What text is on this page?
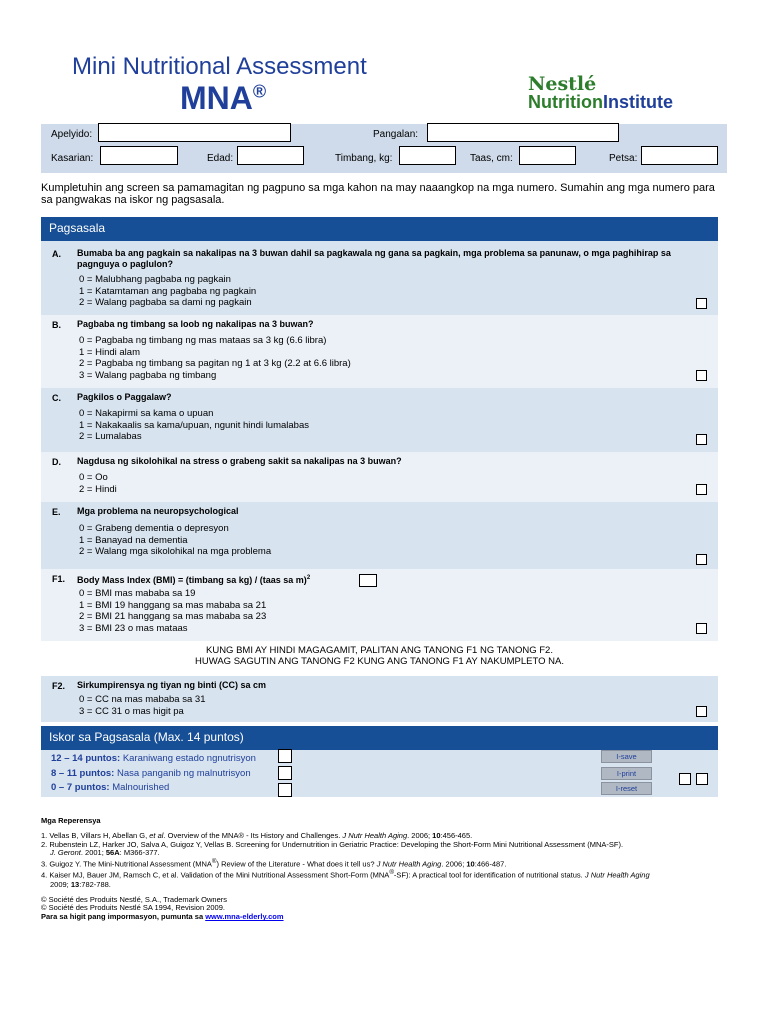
Mini Nutritional Assessment
MNA®	Nestlé
NutritionInstitute
Apelyido:	Pangalan:
Kasarian:	Edad:	Timbang, kg:	Taas, cm:	Petsa:
Kumpletuhin ang screen sa pamamagitan ng pagpuno sa mga kahon na may naaangkop na mga numero. Sumahin ang mga numero para sa pangwakas na iskor ng pagsasala.
Pagsasala
A. Bumaba ba ang pagkain sa nakalipas na 3 buwan dahil sa pagkawala ng gana sa pagkain, mga problema sa panunaw, o mga paghihirap sa pagnguya o paglulon?
0 = Malubhang pagbaba ng pagkain
1 = Katamtaman ang pagbaba ng pagkain
2 = Walang pagbaba sa dami ng pagkain
B. Pagbaba ng timbang sa loob ng nakalipas na 3 buwan?
0 = Pagbaba ng timbang ng mas mataas sa 3 kg (6.6 libra)
1 = Hindi alam
2 = Pagbaba ng timbang sa pagitan ng 1 at 3 kg (2.2 at 6.6 libra)
3 = Walang pagbaba ng timbang
C. Pagkilos o Paggalaw?
0 = Nakapirmi sa kama o upuan
1 = Nakakaalis sa kama/upuan, ngunit hindi lumalabas
2 = Lumalabas
D. Nagdusa ng sikolohikal na stress o grabeng sakit sa nakalipas na 3 buwan?
0 = Oo
2 = Hindi
E. Mga problema na neuropsychological
0 = Grabeng dementia o depresyon
1 = Banayad na dementia
2 = Walang mga sikolohikal na mga problema
F1. Body Mass Index (BMI) = (timbang sa kg) / (taas sa m)$^2$
0 = BMI mas mababa sa 19
1 = BMI 19 hanggang sa mas mababa sa 21
2 = BMI 21 hanggang sa mas mababa sa 23
3 = BMI 23 o mas mataas
KUNG BMI AY HINDI MAGAGAMIT, PALITAN ANG TANONG F1 NG TANONG F2.
HUWAG SAGUTIN ANG TANONG F2 KUNG ANG TANONG F1 AY NAKUMPLETO NA.
F2. Sirkumpirensya ng tiyan ng binti (CC) sa cm
0 = CC na mas mababa sa 31
3 = CC 31 o mas higit pa
Iskor sa Pagsasala (Max. 14 puntos)
12 – 14 puntos: Karaniwang estado ngnutrisyon
8 – 11 puntos: Nasa panganib ng malnutrisyon
0 – 7 puntos: Malnourished
I-save
I-print
I-reset
Mga Reperensya
1. Vellas B, Villars H, Abellan G, et al. Overview of the MNA® - Its History and Challenges. J Nutr Health Aging. 2006; 10:456-465.
2. Rubenstein LZ, Harker JO, Salva A, Guigoz Y, Vellas B. Screening for Undernutrition in Geriatric Practice: Developing the Short-Form Mini Nutritional Assessment (MNA-SF).
J. Geront. 2001; 56A: M366-377.
3. Guigoz Y. The Mini-Nutritional Assessment (MNA®) Review of the Literature - What does it tell us? J Nutr Health Aging. 2006; 10:466-487.
4. Kaiser MJ, Bauer JM, Ramsch C, et al. Validation of the Mini Nutritional Assessment Short-Form (MNA®-SF): A practical tool for identification of nutritional status. J Nutr Health Aging
2009; 13:782-788.
© Société des Produits Nestlé, S.A., Trademark Owners
© Société des Produits Nestlé SA 1994, Revision 2009.
Para sa higit pang impormasyon, pumunta sa www.mna-elderly.com
